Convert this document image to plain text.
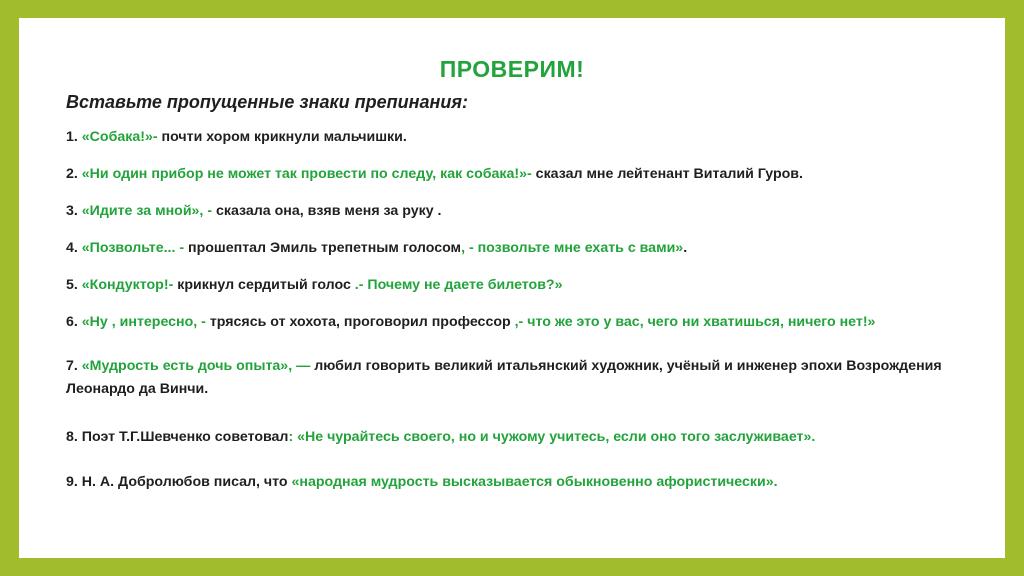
ПРОВЕРИМ!
Вставьте пропущенные знаки препинания:
1. «Собака!»- почти хором крикнули мальчишки.
2. «Ни один прибор не может так провести по следу, как собака!»- сказал мне лейтенант Виталий Гуров.
3. «Идите за мной», - сказала она, взяв меня за руку .
4. «Позвольте... - прошептал Эмиль трепетным голосом, - позвольте мне ехать с вами».
5. «Кондуктор!- крикнул сердитый голос .- Почему не даете билетов?»
6. «Ну , интересно, - трясясь от хохота, проговорил профессор ,- что же это у вас, чего ни хватишься, ничего нет!»
7. «Мудрость есть дочь опыта», — любил говорить великий итальянский художник, учёный и инженер эпохи Возрождения Леонардо да Винчи.
8. Поэт Т.Г.Шевченко советовал: «Не чурайтесь своего, но и чужому учитесь, если оно того заслуживает».
9. Н. А. Добролюбов писал, что «народная мудрость высказывается обыкновенно афористически».
